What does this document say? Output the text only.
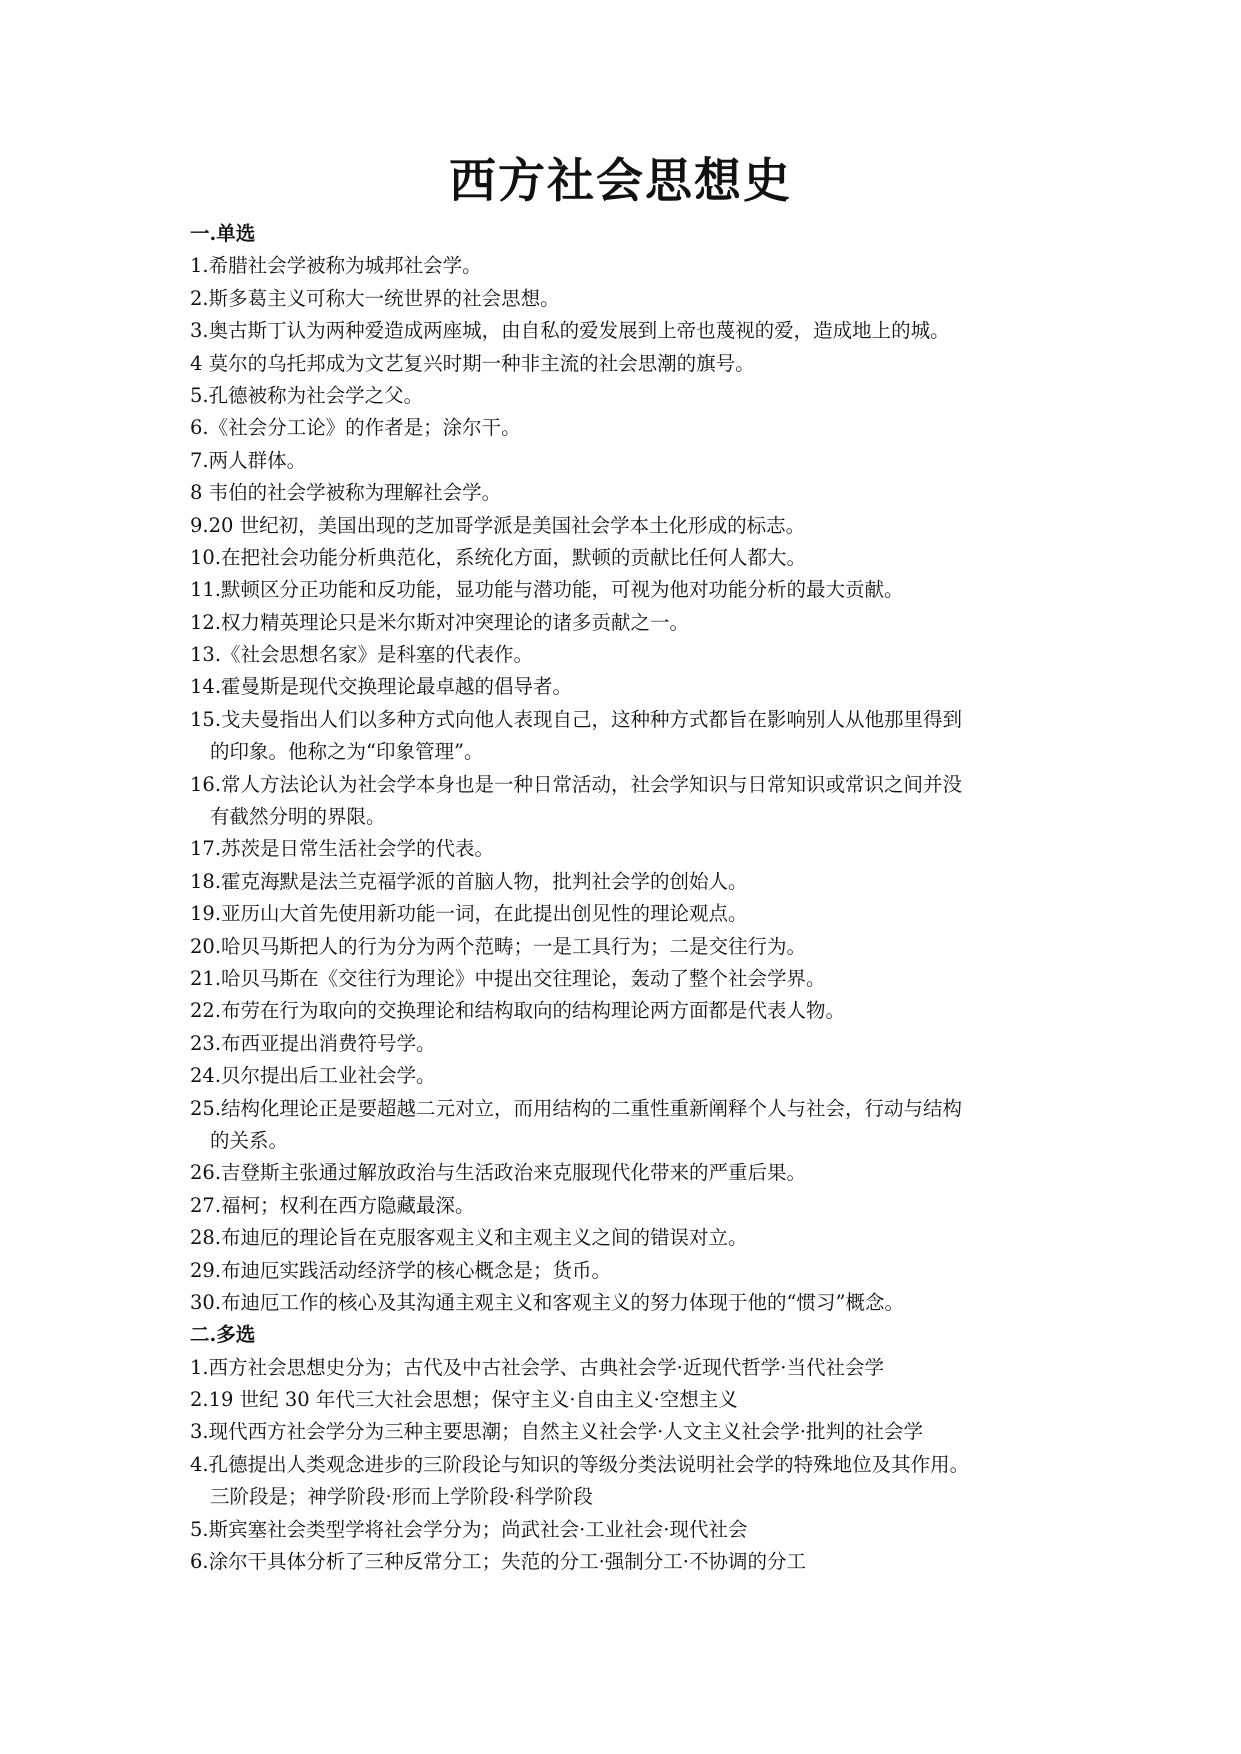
西方社会思想史
一.单选
1.希腊社会学被称为城邦社会学。
2.斯多葛主义可称大一统世界的社会思想。
3.奥古斯丁认为两种爱造成两座城，由自私的爱发展到上帝也蔑视的爱，造成地上的城。
4 莫尔的乌托邦成为文艺复兴时期一种非主流的社会思潮的旗号。
5.孔德被称为社会学之父。
6.《社会分工论》的作者是；涂尔干。
7.两人群体。
8 韦伯的社会学被称为理解社会学。
9.20 世纪初，美国出现的芝加哥学派是美国社会学本土化形成的标志。
10.在把社会功能分析典范化，系统化方面，默顿的贡献比任何人都大。
11.默顿区分正功能和反功能，显功能与潜功能，可视为他对功能分析的最大贡献。
12.权力精英理论只是米尔斯对冲突理论的诸多贡献之一。
13.《社会思想名家》是科塞的代表作。
14.霍曼斯是现代交换理论最卓越的倡导者。
15.戈夫曼指出人们以多种方式向他人表现自己，这种种方式都旨在影响别人从他那里得到
的印象。他称之为“印象管理”。
16.常人方法论认为社会学本身也是一种日常活动，社会学知识与日常知识或常识之间并没
有截然分明的界限。
17.苏茨是日常生活社会学的代表。
18.霍克海默是法兰克福学派的首脑人物，批判社会学的创始人。
19.亚历山大首先使用新功能一词，在此提出创见性的理论观点。
20.哈贝马斯把人的行为分为两个范畴；一是工具行为；二是交往行为。
21.哈贝马斯在《交往行为理论》中提出交往理论，轰动了整个社会学界。
22.布劳在行为取向的交换理论和结构取向的结构理论两方面都是代表人物。
23.布西亚提出消费符号学。
24.贝尔提出后工业社会学。
25.结构化理论正是要超越二元对立，而用结构的二重性重新阐释个人与社会，行动与结构
的关系。
26.吉登斯主张通过解放政治与生活政治来克服现代化带来的严重后果。
27.福柯；权利在西方隐藏最深。
28.布迪厄的理论旨在克服客观主义和主观主义之间的错误对立。
29.布迪厄实践活动经济学的核心概念是；货币。
30.布迪厄工作的核心及其沟通主观主义和客观主义的努力体现于他的“惯习”概念。
二.多选
1.西方社会思想史分为；古代及中古社会学、古典社会学·近现代哲学·当代社会学
2.19 世纪 30 年代三大社会思想；保守主义·自由主义·空想主义
3.现代西方社会学分为三种主要思潮；自然主义社会学·人文主义社会学·批判的社会学
4.孔德提出人类观念进步的三阶段论与知识的等级分类法说明社会学的特殊地位及其作用。
三阶段是；神学阶段·形而上学阶段·科学阶段
5.斯宾塞社会类型学将社会学分为；尚武社会·工业社会·现代社会
6.涂尔干具体分析了三种反常分工；失范的分工·强制分工·不协调的分工
